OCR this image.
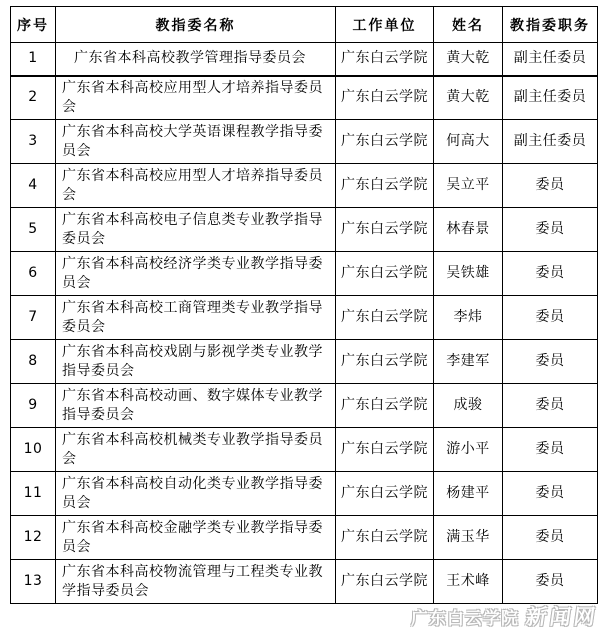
序号	教指委名称	工作单位	姓名	教指委职务
1	广东省本科高校教学管理指导委员会	广东白云学院	黄大乾	副主任委员
2	广东省本科高校应用型人才培养指导委员会	广东白云学院	黄大乾	副主任委员
3	广东省本科高校大学英语课程教学指导委员会	广东白云学院	何高大	副主任委员
4	广东省本科高校应用型人才培养指导委员会	广东白云学院	吴立平	委员
5	广东省本科高校电子信息类专业教学指导委员会	广东白云学院	林春景	委员
6	广东省本科高校经济学类专业教学指导委员会	广东白云学院	吴铁雄	委员
7	广东省本科高校工商管理类专业教学指导委员会	广东白云学院	李炜	委员
8	广东省本科高校戏剧与影视学类专业教学指导委员会	广东白云学院	李建军	委员
9	广东省本科高校动画、数字媒体专业教学指导委员会	广东白云学院	成骏	委员
10	广东省本科高校机械类专业教学指导委员会	广东白云学院	游小平	委员
11	广东省本科高校自动化类专业教学指导委员会	广东白云学院	杨建平	委员
12	广东省本科高校金融学类专业教学指导委员会	广东白云学院	满玉华	委员
13	广东省本科高校物流管理与工程类专业教学指导委员会	广东白云学院	王术峰	委员
广东白云学院 新闻网
